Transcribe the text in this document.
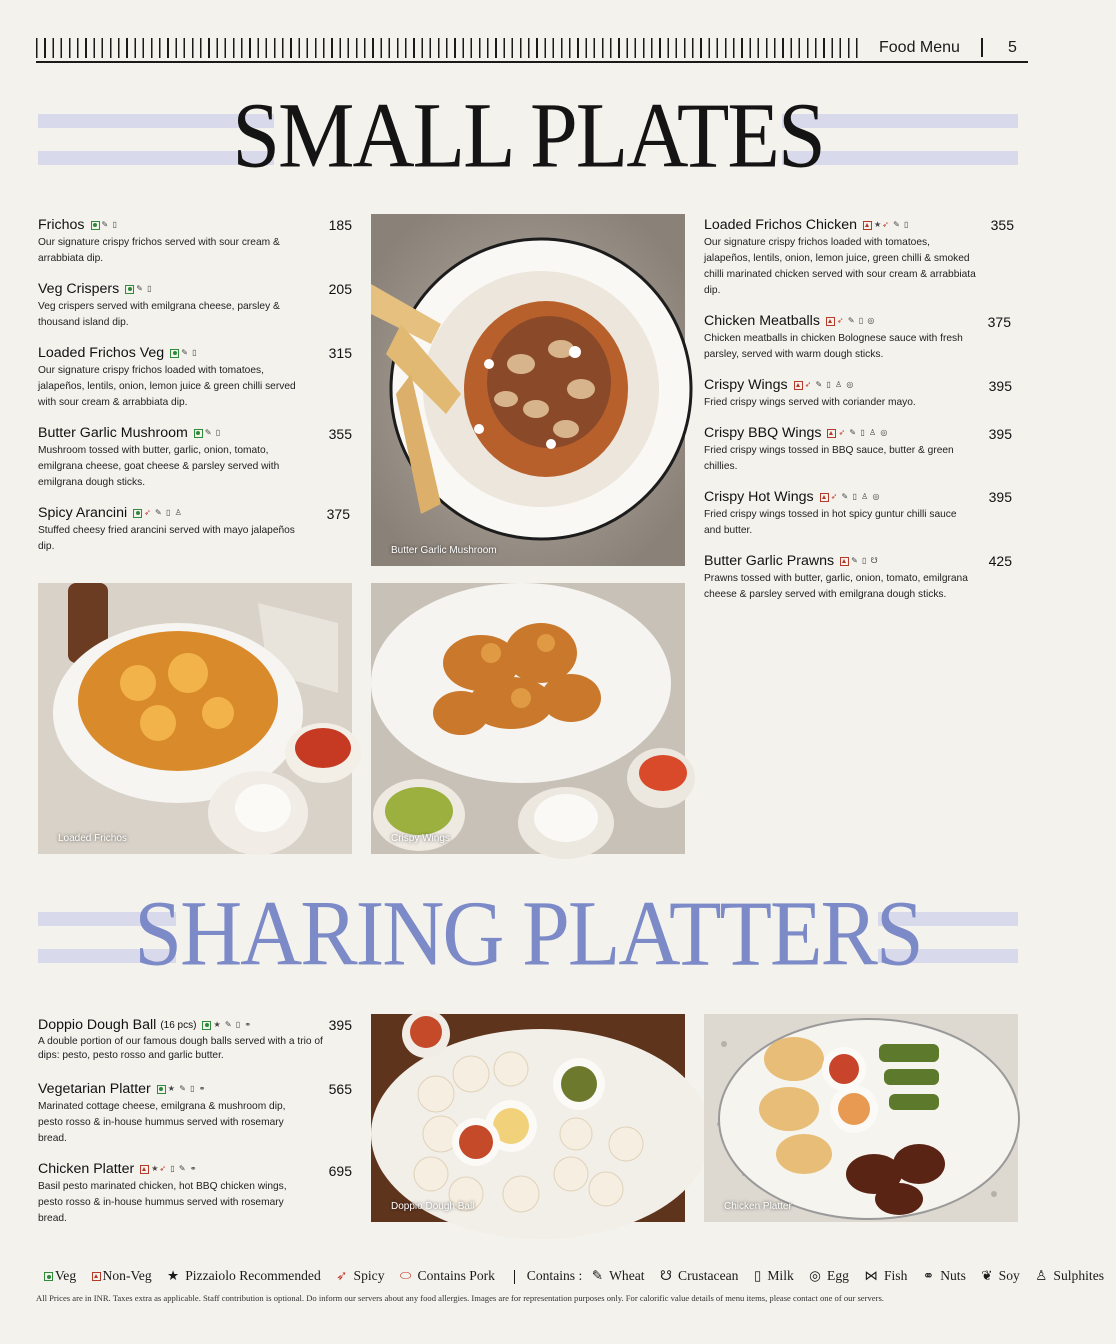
Food Menu	5
SMALL PLATES
Frichos	✎ ▯
Our signature crispy frichos served with sour cream & arrabbiata dip.
185
Veg Crispers	✎ ▯
Veg crispers served with emilgrana cheese, parsley & thousand island dip.
205
Loaded Frichos Veg	✎ ▯
Our signature crispy frichos loaded with tomatoes, jalapeños, lentils, onion, lemon juice & green chilli served with sour cream & arrabbiata dip.
315
Butter Garlic Mushroom	✎ ▯
Mushroom tossed with butter, garlic, onion, tomato, emilgrana cheese, goat cheese & parsley served with emilgrana dough sticks.
355
Spicy Arancini	➶ ✎ ▯ ♙
Stuffed cheesy fried arancini served with mayo jalapeños dip.
375
Butter Garlic Mushroom
Loaded Frichos	Crispy Wings
Loaded Frichos Chicken	★➶ ✎ ▯
Our signature crispy frichos loaded with tomatoes, jalapeños, lentils, onion, lemon juice, green chilli & smoked chilli marinated chicken served with sour cream & arrabbiata dip.
355
Chicken Meatballs	➶ ✎ ▯ ◎
Chicken meatballs in chicken Bolognese sauce with fresh parsley, served with warm dough sticks.
375
Crispy Wings	➶ ✎ ▯ ♙ ◎
Fried crispy wings served with coriander mayo.
395
Crispy BBQ Wings	➶ ✎ ▯ ♙ ◎
Fried crispy wings tossed in BBQ sauce, butter & green chillies.
395
Crispy Hot Wings	➶ ✎ ▯ ♙ ◎
Fried crispy wings tossed in hot spicy guntur chilli sauce and butter.
395
Butter Garlic Prawns	✎ ▯ ☋
Prawns tossed with butter, garlic, onion, tomato, emilgrana cheese & parsley served with emilgrana dough sticks.
425
SHARING PLATTERS
Doppio Dough Ball (16 pcs)	★ ✎ ▯ ⚭
A double portion of our famous dough balls served with a trio of dips: pesto, pesto rosso and garlic butter.
395
Vegetarian Platter	★ ✎ ▯ ⚭
Marinated cottage cheese, emilgrana & mushroom dip, pesto rosso & in-house hummus served with rosemary bread.
565
Chicken Platter	★➶ ▯ ✎ ⚭
Basil pesto marinated chicken, hot BBQ chicken wings, pesto rosso & in-house hummus served with rosemary bread.
695
Doppio Dough Ball	Chicken Platter
Veg Non-Veg ★ Pizzaiolo Recommended ➶ Spicy ⬭ Contains Pork Contains : ✎ Wheat ☋ Crustacean ▯ Milk ◎ Egg ⋈ Fish ⚭ Nuts ❦ Soy ♙ Sulphites
All Prices are in INR. Taxes extra as applicable. Staff contribution is optional. Do inform our servers about any food allergies. Images are for representation purposes only. For calorific value details of menu items, please contact one of our servers.
